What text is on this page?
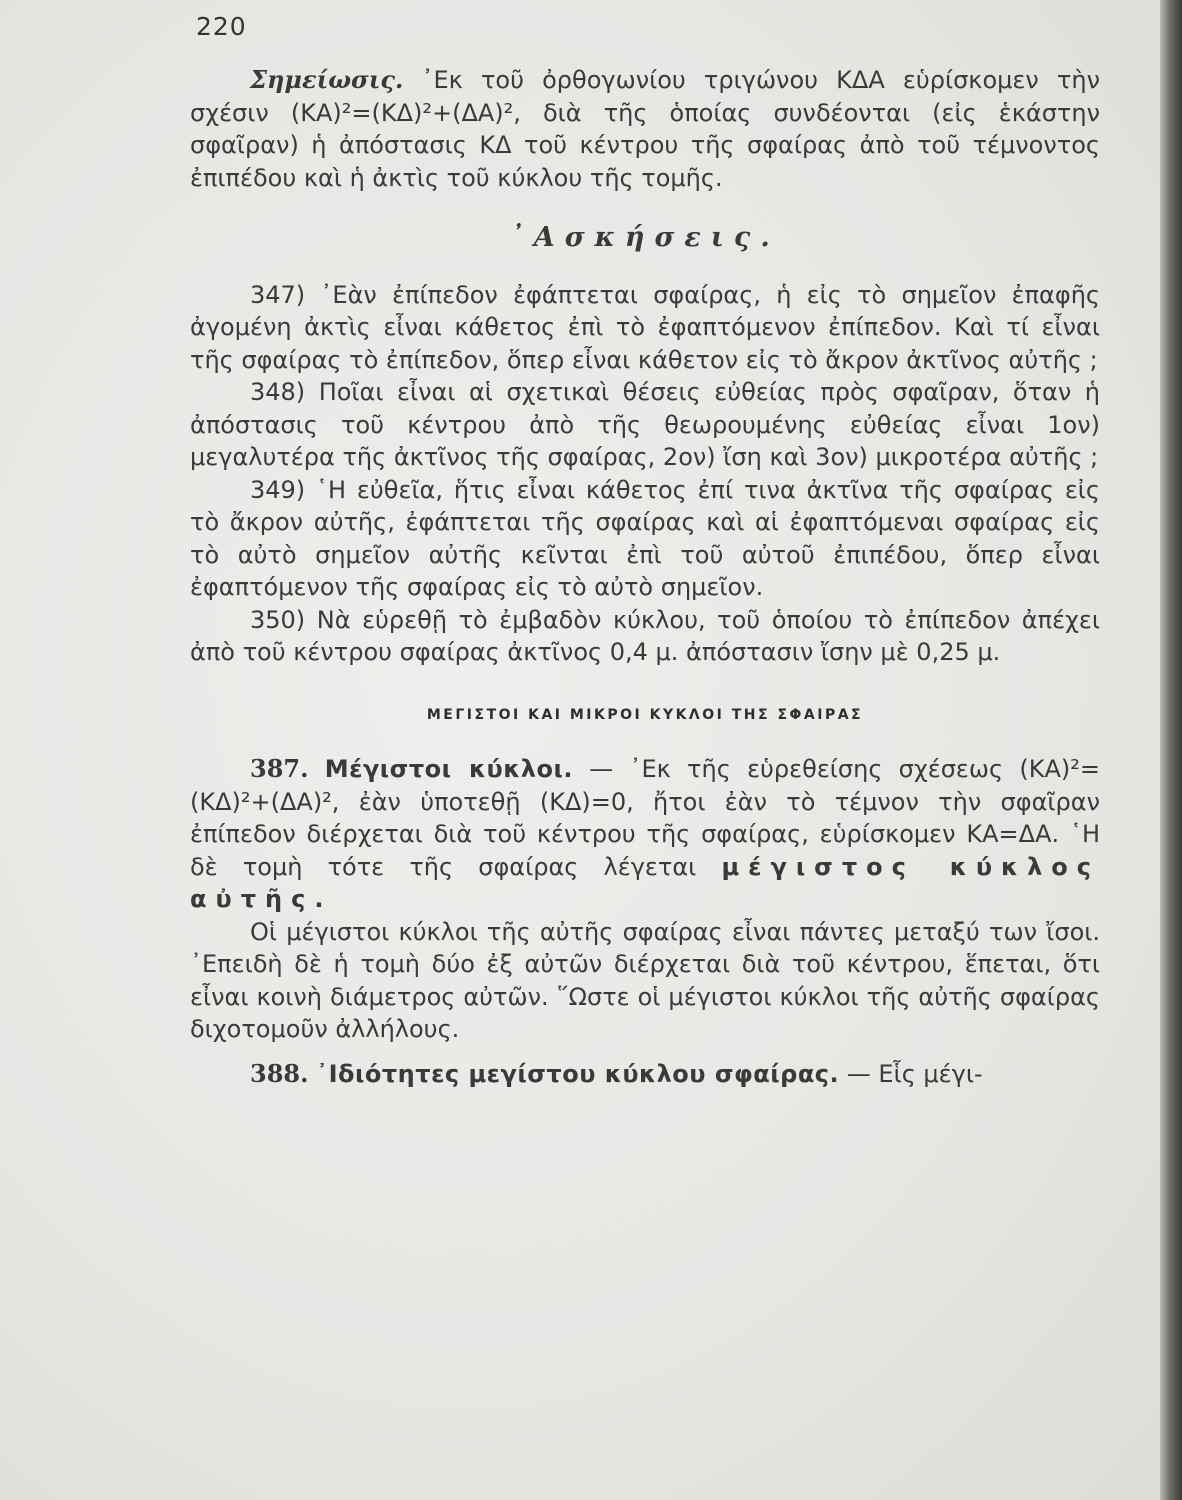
220

Σημείωσις. ᾿Εκ τοῦ ὀρθογωνίου τριγώνου ΚΔΑ εὑρίσκομεν τὴν σχέσιν (ΚΑ)²=(ΚΔ)²+(ΔΑ)², διὰ τῆς ὁποίας συνδέονται (εἰς ἑκάστην σφαῖραν) ἡ ἀπόστασις ΚΔ τοῦ κέντρου τῆς σφαίρας ἀπὸ τοῦ τέμνοντος ἐπιπέδου καὶ ἡ ἀκτὶς τοῦ κύκλου τῆς τομῆς.

᾿Ασκήσεις.

347) ᾿Εὰν ἐπίπεδον ἐφάπτεται σφαίρας, ἡ εἰς τὸ σημεῖον ἐπαφῆς ἀγομένη ἀκτὶς εἶναι κάθετος ἐπὶ τὸ ἐφαπτόμενον ἐπίπεδον. Καὶ τί εἶναι τῆς σφαίρας τὸ ἐπίπεδον, ὅπερ εἶναι κάθετον εἰς τὸ ἄκρον ἀκτῖνος αὐτῆς ;

348) Ποῖαι εἶναι αἱ σχετικαὶ θέσεις εὐθείας πρὸς σφαῖραν, ὅταν ἡ ἀπόστασις τοῦ κέντρου ἀπὸ τῆς θεωρουμένης εὐθείας εἶναι 1ον) μεγαλυτέρα τῆς ἀκτῖνος τῆς σφαίρας, 2ον) ἴση καὶ 3ον) μικροτέρα αὐτῆς ;

349) ῾Η εὐθεῖα, ἥτις εἶναι κάθετος ἐπί τινα ἀκτῖνα τῆς σφαίρας εἰς τὸ ἄκρον αὐτῆς, ἐφάπτεται τῆς σφαίρας καὶ αἱ ἐφαπτόμεναι σφαίρας εἰς τὸ αὐτὸ σημεῖον αὐτῆς κεῖνται ἐπὶ τοῦ αὐτοῦ ἐπιπέδου, ὅπερ εἶναι ἐφαπτόμενον τῆς σφαίρας εἰς τὸ αὐτὸ σημεῖον.

350) Νὰ εὑρεθῇ τὸ ἐμβαδὸν κύκλου, τοῦ ὁποίου τὸ ἐπίπεδον ἀπέχει ἀπὸ τοῦ κέντρου σφαίρας ἀκτῖνος 0,4 μ. ἀπόστασιν ἴσην μὲ 0,25 μ.

ΜΕΓΙΣΤΟΙ ΚΑΙ ΜΙΚΡΟΙ ΚΥΚΛΟΙ ΤΗΣ ΣΦΑΙΡΑΣ

387. Μέγιστοι κύκλοι. — ᾿Εκ τῆς εὑρεθείσης σχέσεως (ΚΑ)²=(ΚΔ)²+(ΔΑ)², ἐὰν ὑποτεθῇ (ΚΔ)=0, ἤτοι ἐὰν τὸ τέμνον τὴν σφαῖραν ἐπίπεδον διέρχεται διὰ τοῦ κέντρου τῆς σφαίρας, εὑρίσκομεν ΚΑ=ΔΑ. ῾Η δὲ τομὴ τότε τῆς σφαίρας λέγεται μέγιστος κύκλος αὐτῆς.

Οἱ μέγιστοι κύκλοι τῆς αὐτῆς σφαίρας εἶναι πάντες μεταξύ των ἴσοι. ᾿Επειδὴ δὲ ἡ τομὴ δύο ἐξ αὐτῶν διέρχεται διὰ τοῦ κέντρου, ἕπεται, ὅτι εἶναι κοινὴ διάμετρος αὐτῶν. ῞Ωστε οἱ μέγιστοι κύκλοι τῆς αὐτῆς σφαίρας διχοτομοῦν ἀλλήλους.

388. ᾿Ιδιότητες μεγίστου κύκλου σφαίρας. — Εἷς μέγι-
